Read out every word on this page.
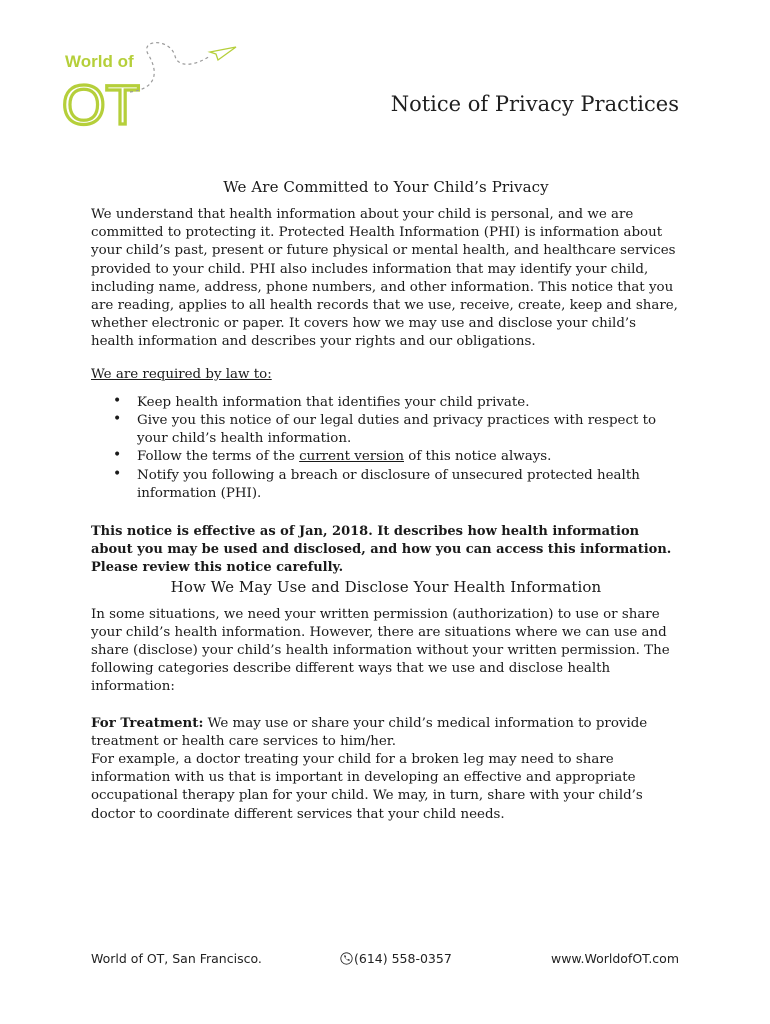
World of
OT	Notice of Privacy Practices
We Are Committed to Your Child’s Privacy

We understand that health information about your child is personal, and we are committed to protecting it. Protected Health Information (PHI) is information about your child’s past, present or future physical or mental health, and healthcare services provided to your child. PHI also includes information that may identify your child, including name, address, phone numbers, and other information. This notice that you are reading, applies to all health records that we use, receive, create, keep and share, whether electronic or paper. It covers how we may use and disclose your child’s health information and describes your rights and our obligations.

We are required by law to:

• Keep health information that identifies your child private.
• Give you this notice of our legal duties and privacy practices with respect to your child’s health information.
• Follow the terms of the current version of this notice always.
• Notify you following a breach or disclosure of unsecured protected health information (PHI).

This notice is effective as of Jan, 2018. It describes how health information about you may be used and disclosed, and how you can access this information. Please review this notice carefully.

How We May Use and Disclose Your Health Information

In some situations, we need your written permission (authorization) to use or share your child’s health information. However, there are situations where we can use and share (disclose) your child’s health information without your written permission. The following categories describe different ways that we use and disclose health information:

For Treatment: We may use or share your child’s medical information to provide treatment or health care services to him/her.

For example, a doctor treating your child for a broken leg may need to share information with us that is important in developing an effective and appropriate occupational therapy plan for your child. We may, in turn, share with your child’s doctor to coordinate different services that your child needs.

World of OT, San Francisco.	(614) 558-0357	www.WorldofOT.com
